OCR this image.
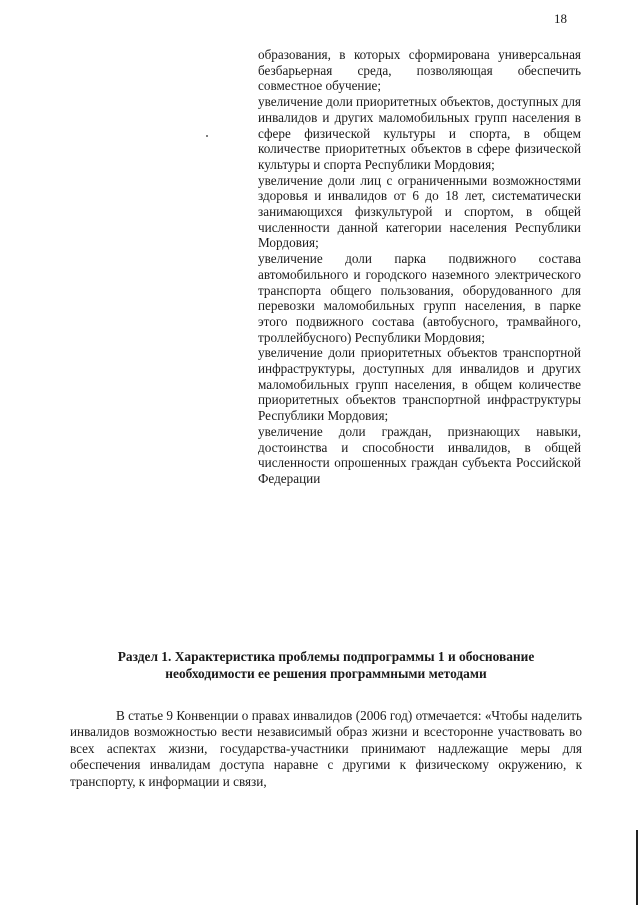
18

образования, в которых сформирована универсальная безбарьерная среда, позволяющая обеспечить совместное обучение;

увеличение доли приоритетных объектов, доступных для инвалидов и других маломобильных групп населения в сфере физической культуры и спорта, в общем количестве приоритетных объектов в сфере физической культуры и спорта Республики Мордовия;

увеличение доли лиц с ограниченными возможностями здоровья и инвалидов от 6 до 18 лет, систематически занимающихся физкультурой и спортом, в общей численности данной категории населения Республики Мордовия;

увеличение доли парка подвижного состава автомобильного и городского наземного электрического транспорта общего пользования, оборудованного для перевозки маломобильных групп населения, в парке этого подвижного состава (автобусного, трамвайного, троллейбусного) Республики Мордовия;

увеличение доли приоритетных объектов транспортной инфраструктуры, доступных для инвалидов и других маломобильных групп населения, в общем количестве приоритетных объектов транспортной инфраструктуры Республики Мордовия;

увеличение доли граждан, признающих навыки, достоинства и способности инвалидов, в общей численности опрошенных граждан субъекта Российской Федерации

Раздел 1. Характеристика проблемы подпрограммы 1 и обоснование
необходимости ее решения программными методами

В статье 9 Конвенции о правах инвалидов (2006 год) отмечается: «Чтобы наделить инвалидов возможностью вести независимый образ жизни и всесторонне участвовать во всех аспектах жизни, государства-участники принимают надлежащие меры для обеспечения инвалидам доступа наравне с другими к физическому окружению, к транспорту, к информации и связи,
